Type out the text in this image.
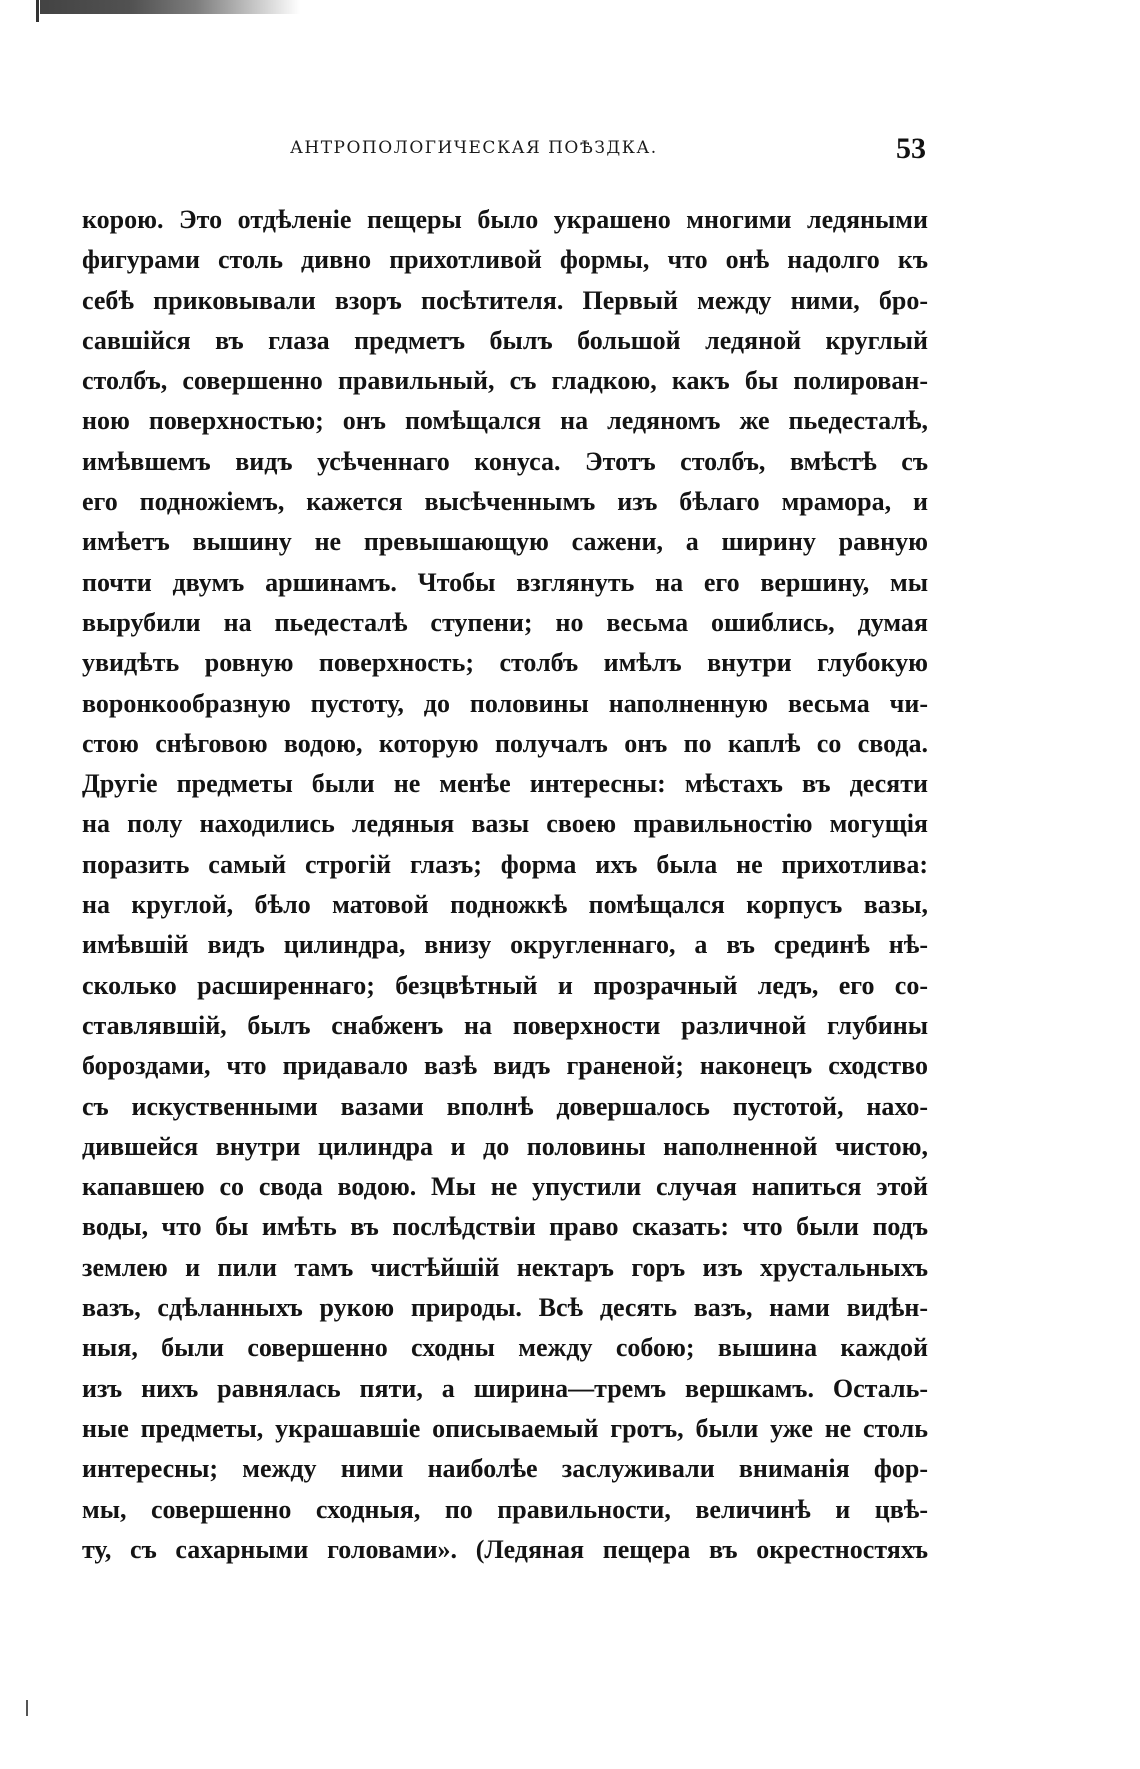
АНТРОПОЛОГИЧЕСКАЯ ПОѢЗДКА.	53
корою. Это отдѣленіе пещеры было украшено многими ледяными
фигурами столь дивно прихотливой формы, что онѣ надолго къ
себѣ приковывали взоръ посѣтителя. Первый между ними, бро-
савшійся въ глаза предметъ былъ большой ледяной круглый
столбъ, совершенно правильный, съ гладкою, какъ бы полирован-
ною поверхностью; онъ помѣщался на ледяномъ же пьедесталѣ,
имѣвшемъ видъ усѣченнаго конуса. Этотъ столбъ, вмѣстѣ съ
его подножіемъ, кажется высѣченнымъ изъ бѣлаго мрамора, и
имѣетъ вышину не превышающую сажени, а ширину равную
почти двумъ аршинамъ. Чтобы взглянуть на его вершину, мы
вырубили на пьедесталѣ ступени; но весьма ошиблись, думая
увидѣть ровную поверхность; столбъ имѣлъ внутри глубокую
воронкообразную пустоту, до половины наполненную весьма чи-
стою снѣговою водою, которую получалъ онъ по каплѣ со свода.
Другіе предметы были не менѣе интересны: мѣстахъ въ десяти
на полу находились ледяныя вазы своею правильностію могущія
поразить самый строгій глазъ; форма ихъ была не прихотлива:
на круглой, бѣло матовой подножкѣ помѣщался корпусъ вазы,
имѣвшій видъ цилиндра, внизу округленнаго, а въ срединѣ нѣ-
сколько расширеннаго; безцвѣтный и прозрачный ледъ, его со-
ставлявшій, былъ снабженъ на поверхности различной глубины
бороздами, что придавало вазѣ видъ граненой; наконецъ сходство
съ искуственными вазами вполнѣ довершалось пустотой, нахо-
дившейся внутри цилиндра и до половины наполненной чистою,
капавшею со свода водою. Мы не упустили случая напиться этой
воды, что бы имѣть въ послѣдствіи право сказать: что были подъ
землею и пили тамъ чистѣйшій нектаръ горъ изъ хрустальныхъ
вазъ, сдѣланныхъ рукою природы. Всѣ десять вазъ, нами видѣн-
ныя, были совершенно сходны между собою; вышина каждой
изъ нихъ равнялась пяти, а ширина—тремъ вершкамъ. Осталь-
ные предметы, украшавшіе описываемый гротъ, были уже не столь
интересны; между ними наиболѣе заслуживали вниманія фор-
мы, совершенно сходныя, по правильности, величинѣ и цвѣ-
ту, съ сахарными головами». (Ледяная пещера въ окрестностяхъ
